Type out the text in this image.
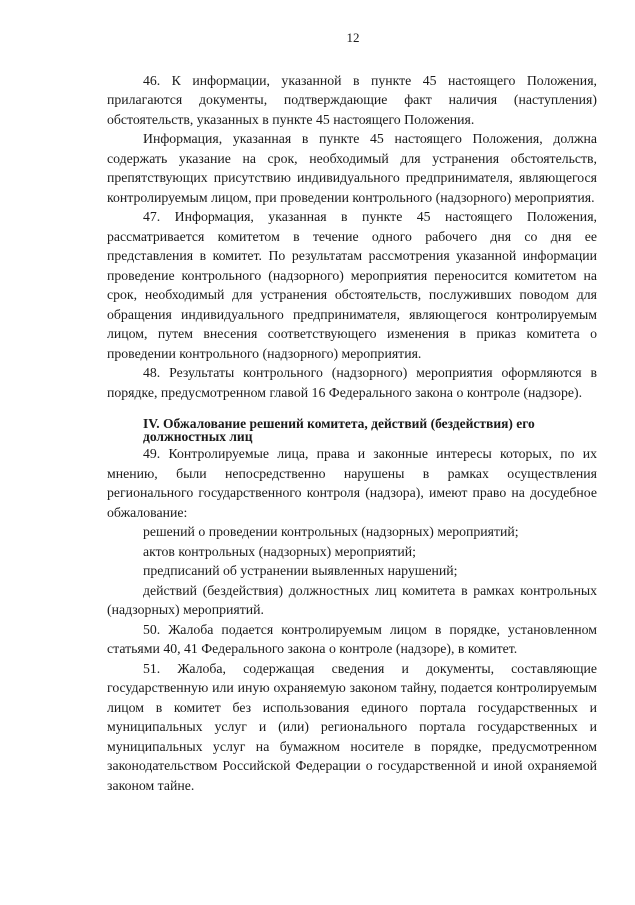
12

46. К информации, указанной в пункте 45 настоящего Положения, прилагаются документы, подтверждающие факт наличия (наступления) обстоятельств, указанных в пункте 45 настоящего Положения.

Информация, указанная в пункте 45 настоящего Положения, должна содержать указание на срок, необходимый для устранения обстоятельств, препятствующих присутствию индивидуального предпринимателя, являющегося контролируемым лицом, при проведении контрольного (надзорного) мероприятия.

47. Информация, указанная в пункте 45 настоящего Положения, рассматривается комитетом в течение одного рабочего дня со дня ее представления в комитет. По результатам рассмотрения указанной информации проведение контрольного (надзорного) мероприятия переносится комитетом на срок, необходимый для устранения обстоятельств, послуживших поводом для обращения индивидуального предпринимателя, являющегося контролируемым лицом, путем внесения соответствующего изменения в приказ комитета о проведении контрольного (надзорного) мероприятия.

48. Результаты контрольного (надзорного) мероприятия оформляются в порядке, предусмотренном главой 16 Федерального закона о контроле (надзоре).

IV. Обжалование решений комитета, действий (бездействия) его
должностных лиц

49. Контролируемые лица, права и законные интересы которых, по их мнению, были непосредственно нарушены в рамках осуществления регионального государственного контроля (надзора), имеют право на досудебное обжалование:

решений о проведении контрольных (надзорных) мероприятий;

актов контрольных (надзорных) мероприятий;

предписаний об устранении выявленных нарушений;

действий (бездействия) должностных лиц комитета в рамках контрольных (надзорных) мероприятий.

50. Жалоба подается контролируемым лицом в порядке, установленном статьями 40, 41 Федерального закона о контроле (надзоре), в комитет.

51. Жалоба, содержащая сведения и документы, составляющие государственную или иную охраняемую законом тайну, подается контролируемым лицом в комитет без использования единого портала государственных и муниципальных услуг и (или) регионального портала государственных и муниципальных услуг на бумажном носителе в порядке, предусмотренном законодательством Российской Федерации о государственной и иной охраняемой законом тайне.
